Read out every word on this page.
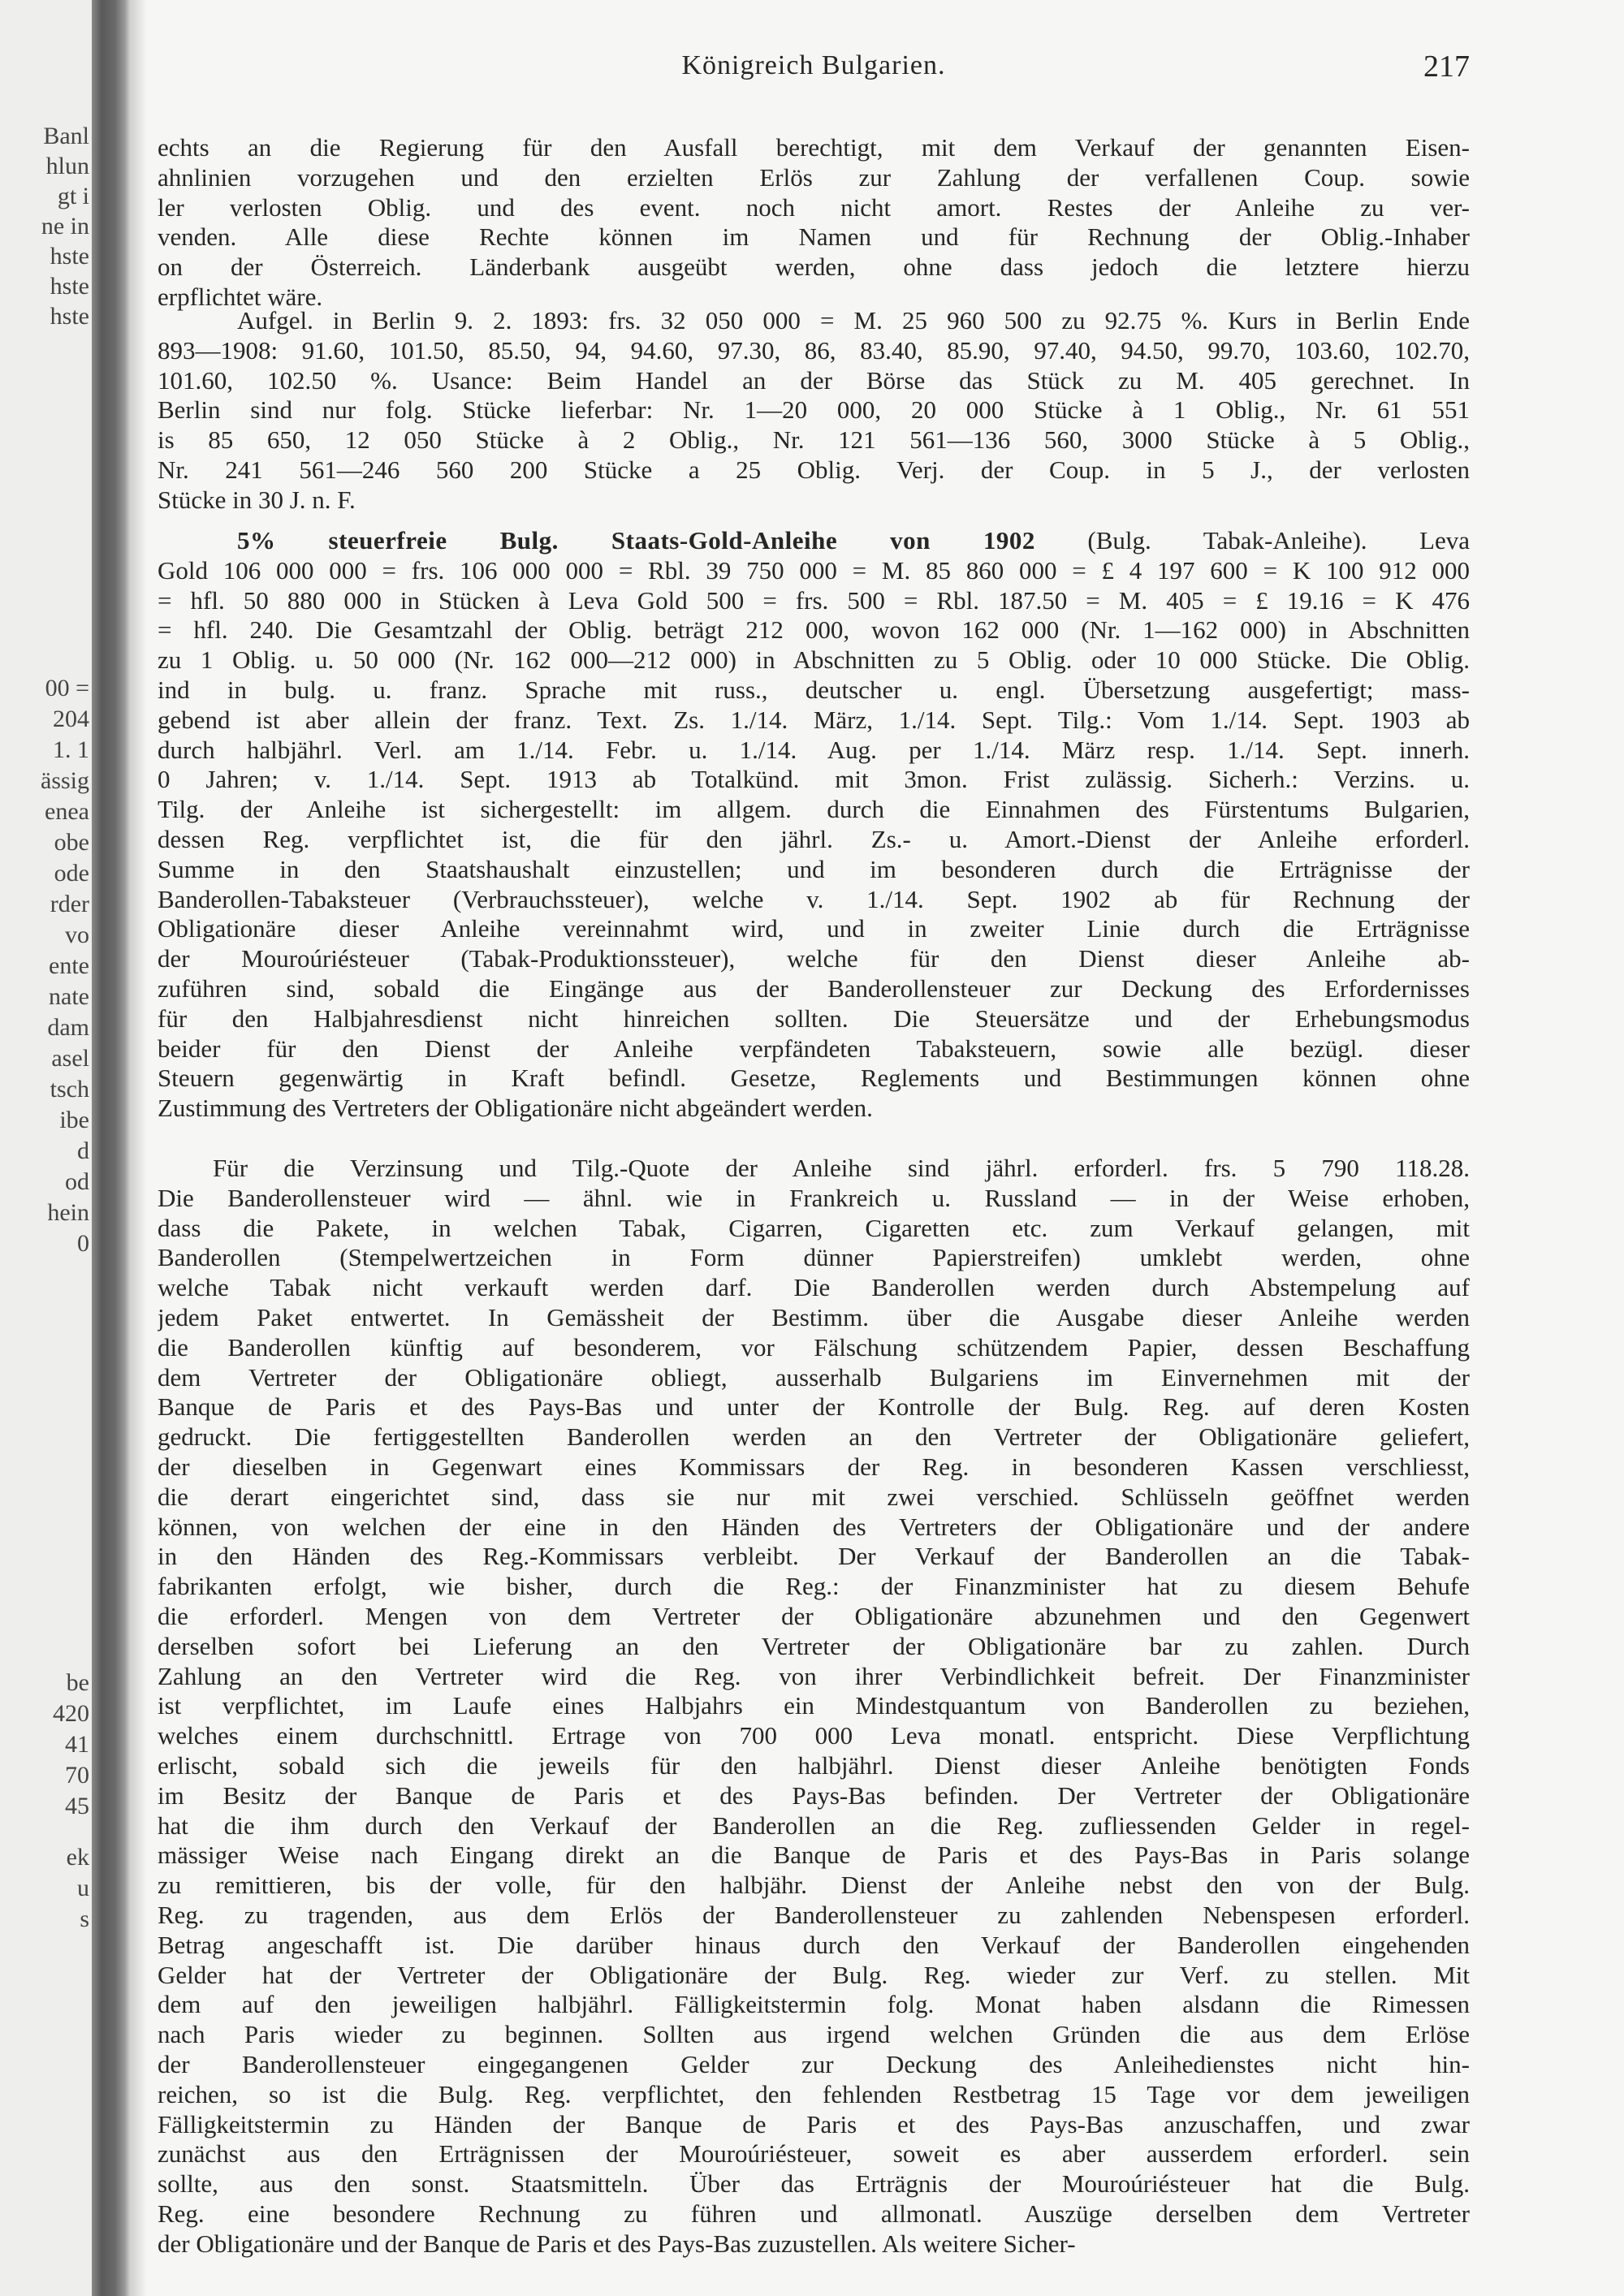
Banl
hlun
gt i
ne in
hste
hste
hste
00 =
204
1. 1
ässig
enea
obe
ode
rder
vo
ente
nate
dam
asel
tsch
ibe
d
od
hein
0
be
420
41
70
45
ek
u
s
Königreich Bulgarien.	217
echts an die Regierung für den Ausfall berechtigt, mit dem Verkauf der genannten Eisen-
ahnlinien vorzugehen und den erzielten Erlös zur Zahlung der verfallenen Coup. sowie
ler verlosten Oblig. und des event. noch nicht amort. Restes der Anleihe zu ver-
venden. Alle diese Rechte können im Namen und für Rechnung der Oblig.-Inhaber
on der Österreich. Länderbank ausgeübt werden, ohne dass jedoch die letztere hierzu
erpflichtet wäre.
Aufgel. in Berlin 9. 2. 1893: frs. 32 050 000 = M. 25 960 500 zu 92.75 %. Kurs in Berlin Ende
893—1908: 91.60, 101.50, 85.50, 94, 94.60, 97.30, 86, 83.40, 85.90, 97.40, 94.50, 99.70, 103.60, 102.70,
101.60, 102.50 %. Usance: Beim Handel an der Börse das Stück zu M. 405 gerechnet. In
Berlin sind nur folg. Stücke lieferbar: Nr. 1—20 000, 20 000 Stücke à 1 Oblig., Nr. 61 551
is 85 650, 12 050 Stücke à 2 Oblig., Nr. 121 561—136 560, 3000 Stücke à 5 Oblig.,
Nr. 241 561—246 560 200 Stücke a 25 Oblig. Verj. der Coup. in 5 J., der verlosten
Stücke in 30 J. n. F.
5% steuerfreie Bulg. Staats-Gold-Anleihe von 1902 (Bulg. Tabak-Anleihe). Leva
Gold 106 000 000 = frs. 106 000 000 = Rbl. 39 750 000 = M. 85 860 000 = £ 4 197 600 = K 100 912 000
= hfl. 50 880 000 in Stücken à Leva Gold 500 = frs. 500 = Rbl. 187.50 = M. 405 = £ 19.16 = K 476
= hfl. 240. Die Gesamtzahl der Oblig. beträgt 212 000, wovon 162 000 (Nr. 1—162 000) in Abschnitten
zu 1 Oblig. u. 50 000 (Nr. 162 000—212 000) in Abschnitten zu 5 Oblig. oder 10 000 Stücke. Die Oblig.
ind in bulg. u. franz. Sprache mit russ., deutscher u. engl. Übersetzung ausgefertigt; mass-
gebend ist aber allein der franz. Text. Zs. 1./14. März, 1./14. Sept. Tilg.: Vom 1./14. Sept. 1903 ab
durch halbjährl. Verl. am 1./14. Febr. u. 1./14. Aug. per 1./14. März resp. 1./14. Sept. innerh.
0 Jahren; v. 1./14. Sept. 1913 ab Totalkünd. mit 3mon. Frist zulässig. Sicherh.: Verzins. u.
Tilg. der Anleihe ist sichergestellt: im allgem. durch die Einnahmen des Fürstentums Bulgarien,
dessen Reg. verpflichtet ist, die für den jährl. Zs.- u. Amort.-Dienst der Anleihe erforderl.
Summe in den Staatshaushalt einzustellen; und im besonderen durch die Erträgnisse der
Banderollen-Tabaksteuer (Verbrauchssteuer), welche v. 1./14. Sept. 1902 ab für Rechnung der
Obligationäre dieser Anleihe vereinnahmt wird, und in zweiter Linie durch die Erträgnisse
der Mouroúriésteuer (Tabak-Produktionssteuer), welche für den Dienst dieser Anleihe ab-
zuführen sind, sobald die Eingänge aus der Banderollensteuer zur Deckung des Erfordernisses
für den Halbjahresdienst nicht hinreichen sollten. Die Steuersätze und der Erhebungsmodus
beider für den Dienst der Anleihe verpfändeten Tabaksteuern, sowie alle bezügl. dieser
Steuern gegenwärtig in Kraft befindl. Gesetze, Reglements und Bestimmungen können ohne
Zustimmung des Vertreters der Obligationäre nicht abgeändert werden.
Für die Verzinsung und Tilg.-Quote der Anleihe sind jährl. erforderl. frs. 5 790 118.28.
Die Banderollensteuer wird — ähnl. wie in Frankreich u. Russland — in der Weise erhoben,
dass die Pakete, in welchen Tabak, Cigarren, Cigaretten etc. zum Verkauf gelangen, mit
Banderollen (Stempelwertzeichen in Form dünner Papierstreifen) umklebt werden, ohne
welche Tabak nicht verkauft werden darf. Die Banderollen werden durch Abstempelung auf
jedem Paket entwertet. In Gemässheit der Bestimm. über die Ausgabe dieser Anleihe werden
die Banderollen künftig auf besonderem, vor Fälschung schützendem Papier, dessen Beschaffung
dem Vertreter der Obligationäre obliegt, ausserhalb Bulgariens im Einvernehmen mit der
Banque de Paris et des Pays-Bas und unter der Kontrolle der Bulg. Reg. auf deren Kosten
gedruckt. Die fertiggestellten Banderollen werden an den Vertreter der Obligationäre geliefert,
der dieselben in Gegenwart eines Kommissars der Reg. in besonderen Kassen verschliesst,
die derart eingerichtet sind, dass sie nur mit zwei verschied. Schlüsseln geöffnet werden
können, von welchen der eine in den Händen des Vertreters der Obligationäre und der andere
in den Händen des Reg.-Kommissars verbleibt. Der Verkauf der Banderollen an die Tabak-
fabrikanten erfolgt, wie bisher, durch die Reg.: der Finanzminister hat zu diesem Behufe
die erforderl. Mengen von dem Vertreter der Obligationäre abzunehmen und den Gegenwert
derselben sofort bei Lieferung an den Vertreter der Obligationäre bar zu zahlen. Durch
Zahlung an den Vertreter wird die Reg. von ihrer Verbindlichkeit befreit. Der Finanzminister
ist verpflichtet, im Laufe eines Halbjahrs ein Mindestquantum von Banderollen zu beziehen,
welches einem durchschnittl. Ertrage von 700 000 Leva monatl. entspricht. Diese Verpflichtung
erlischt, sobald sich die jeweils für den halbjährl. Dienst dieser Anleihe benötigten Fonds
im Besitz der Banque de Paris et des Pays-Bas befinden. Der Vertreter der Obligationäre
hat die ihm durch den Verkauf der Banderollen an die Reg. zufliessenden Gelder in regel-
mässiger Weise nach Eingang direkt an die Banque de Paris et des Pays-Bas in Paris solange
zu remittieren, bis der volle, für den halbjähr. Dienst der Anleihe nebst den von der Bulg.
Reg. zu tragenden, aus dem Erlös der Banderollensteuer zu zahlenden Nebenspesen erforderl.
Betrag angeschafft ist. Die darüber hinaus durch den Verkauf der Banderollen eingehenden
Gelder hat der Vertreter der Obligationäre der Bulg. Reg. wieder zur Verf. zu stellen. Mit
dem auf den jeweiligen halbjährl. Fälligkeitstermin folg. Monat haben alsdann die Rimessen
nach Paris wieder zu beginnen. Sollten aus irgend welchen Gründen die aus dem Erlöse
der Banderollensteuer eingegangenen Gelder zur Deckung des Anleihedienstes nicht hin-
reichen, so ist die Bulg. Reg. verpflichtet, den fehlenden Restbetrag 15 Tage vor dem jeweiligen
Fälligkeitstermin zu Händen der Banque de Paris et des Pays-Bas anzuschaffen, und zwar
zunächst aus den Erträgnissen der Mouroúriésteuer, soweit es aber ausserdem erforderl. sein
sollte, aus den sonst. Staatsmitteln. Über das Erträgnis der Mouroúriésteuer hat die Bulg.
Reg. eine besondere Rechnung zu führen und allmonatl. Auszüge derselben dem Vertreter
der Obligationäre und der Banque de Paris et des Pays-Bas zuzustellen. Als weitere Sicher-
